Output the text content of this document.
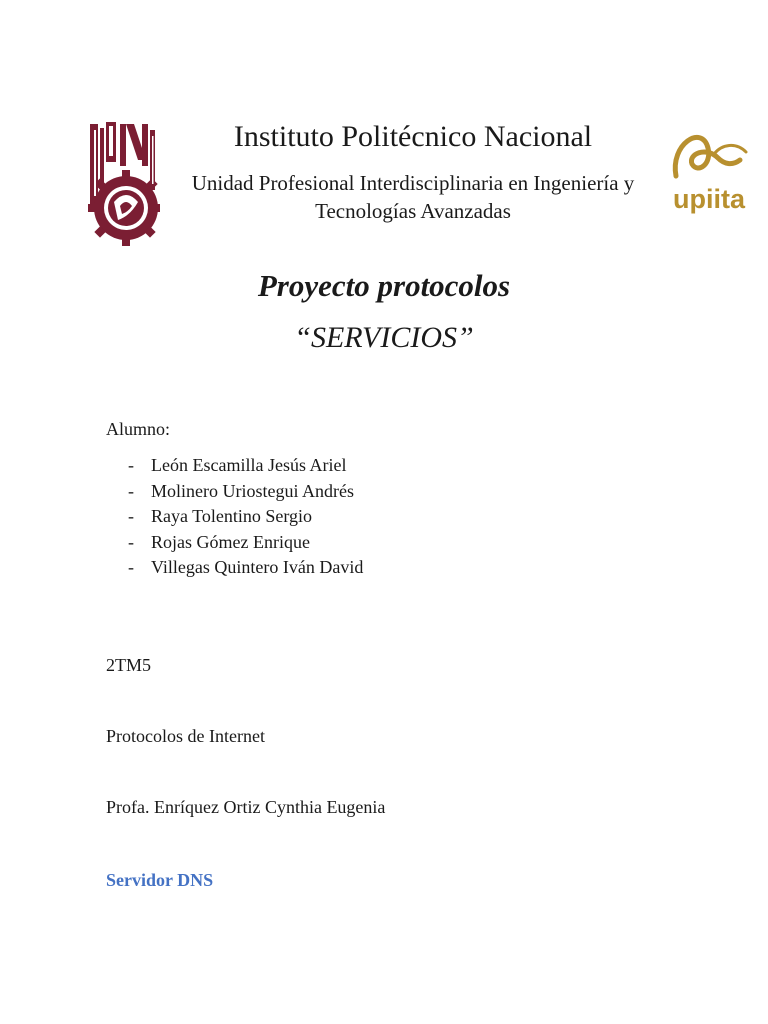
upiita
Instituto Politécnico Nacional
Unidad Profesional Interdisciplinaria en Ingeniería y
Tecnologías Avanzadas
Proyecto protocolos
“SERVICIOS”
Alumno:
- León Escamilla Jesús Ariel
- Molinero Uriostegui Andrés
- Raya Tolentino Sergio
- Rojas Gómez Enrique
- Villegas Quintero Iván David
2TM5
Protocolos de Internet
Profa. Enríquez Ortiz Cynthia Eugenia
Servidor DNS
